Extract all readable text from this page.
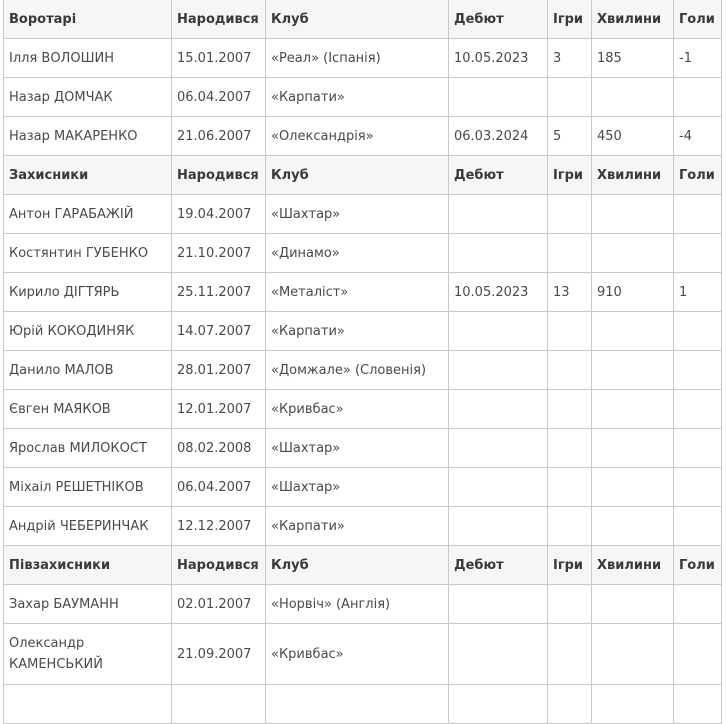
Воротарі	Народився	Клуб	Дебют	Ігри	Хвилини	Голи
Ілля ВОЛОШИН	15.01.2007	«Реал» (Іспанія)	10.05.2023	3	185	-1
Назар ДОМЧАК	06.04.2007	«Карпати»				
Назар МАКАРЕНКО	21.06.2007	«Олександрія»	06.03.2024	5	450	-4
Захисники	Народився	Клуб	Дебют	Ігри	Хвилини	Голи
Антон ГАРАБАЖІЙ	19.04.2007	«Шахтар»				
Костянтин ГУБЕНКО	21.10.2007	«Динамо»				
Кирило ДІГТЯРЬ	25.11.2007	«Металіст»	10.05.2023	13	910	1
Юрій КОКОДИНЯК	14.07.2007	«Карпати»				
Данило МАЛОВ	28.01.2007	«Домжале» (Словенія)				
Євген МАЯКОВ	12.01.2007	«Кривбас»				
Ярослав МИЛОКОСТ	08.02.2008	«Шахтар»				
Міхаіл РЕШЕТНІКОВ	06.04.2007	«Шахтар»				
Андрій ЧЕБЕРИНЧАК	12.12.2007	«Карпати»				
Півзахисники	Народився	Клуб	Дебют	Ігри	Хвилини	Голи
Захар БАУМАНН	02.01.2007	«Норвіч» (Англія)				
Олександр КАМЕНСЬКИЙ	21.09.2007	«Кривбас»				
